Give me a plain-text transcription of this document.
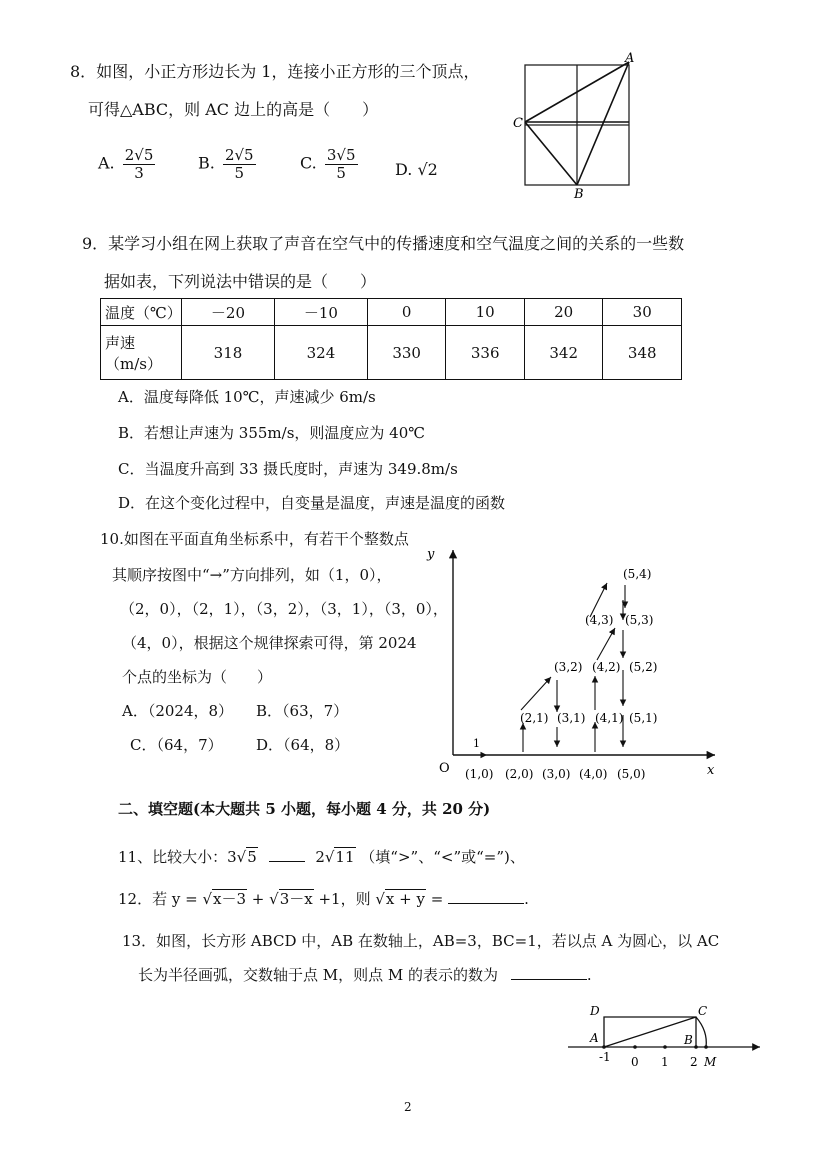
8．如图，小正方形边长为 1，连接小正方形的三个顶点，
可得△ABC，则 AC 边上的高是（　　）
A. $\frac{2√5}{3}$	B. $\frac{2√5}{5}$	C. $\frac{3√5}{5} D$. √2
A
C
B
9．某学习小组在网上获取了声音在空气中的传播速度和空气温度之间的关系的一些数
据如表，下列说法中错误的是（　　）
温度（℃）	－20	－10	0	10	20	30
声速（m/s）	318	324	330	336	342	348
A．温度每降低 10℃，声速减少 6m/s
B．若想让声速为 355m/s，则温度应为 40℃
C．当温度升高到 33 摄氏度时，声速为 349.8m/s
D．在这个变化过程中，自变量是温度，声速是温度的函数
10.如图在平面直角坐标系中，有若干个整数点
其顺序按图中“→”方向排列，如（1，0），
（2，0），（2，1），（3，2），（3，1），（3，0），
（4，0），根据这个规律探索可得，第 2024
个点的坐标为（　　）
A．（2024，8） B．（63，7）
C．（64，7） D．（64，8）
y
x
O
1
(1,0) (2,0) (3,0) (4,0) (5,0)
(2,1) (3,1) (4,1) (5,1)
(3,2) (4,2) (5,2)
(4,3) (5,3)
(5,4)
二、填空题(本大题共 5 小题，每小题 4 分，共 20 分)
11、比较大小：3√5	2√11 （填“>”、“<”或“=”)、
12．若 y = √x－3 + √3－x +1，则 √x + y =	.
13．如图，长方形 ABCD 中，AB 在数轴上，AB=3，BC=1，若以点 A 为圆心，以 AC
长为半径画弧，交数轴于点 M，则点 M 的表示的数为	.
D	C
A	B
M
-1 0 1 2
2
